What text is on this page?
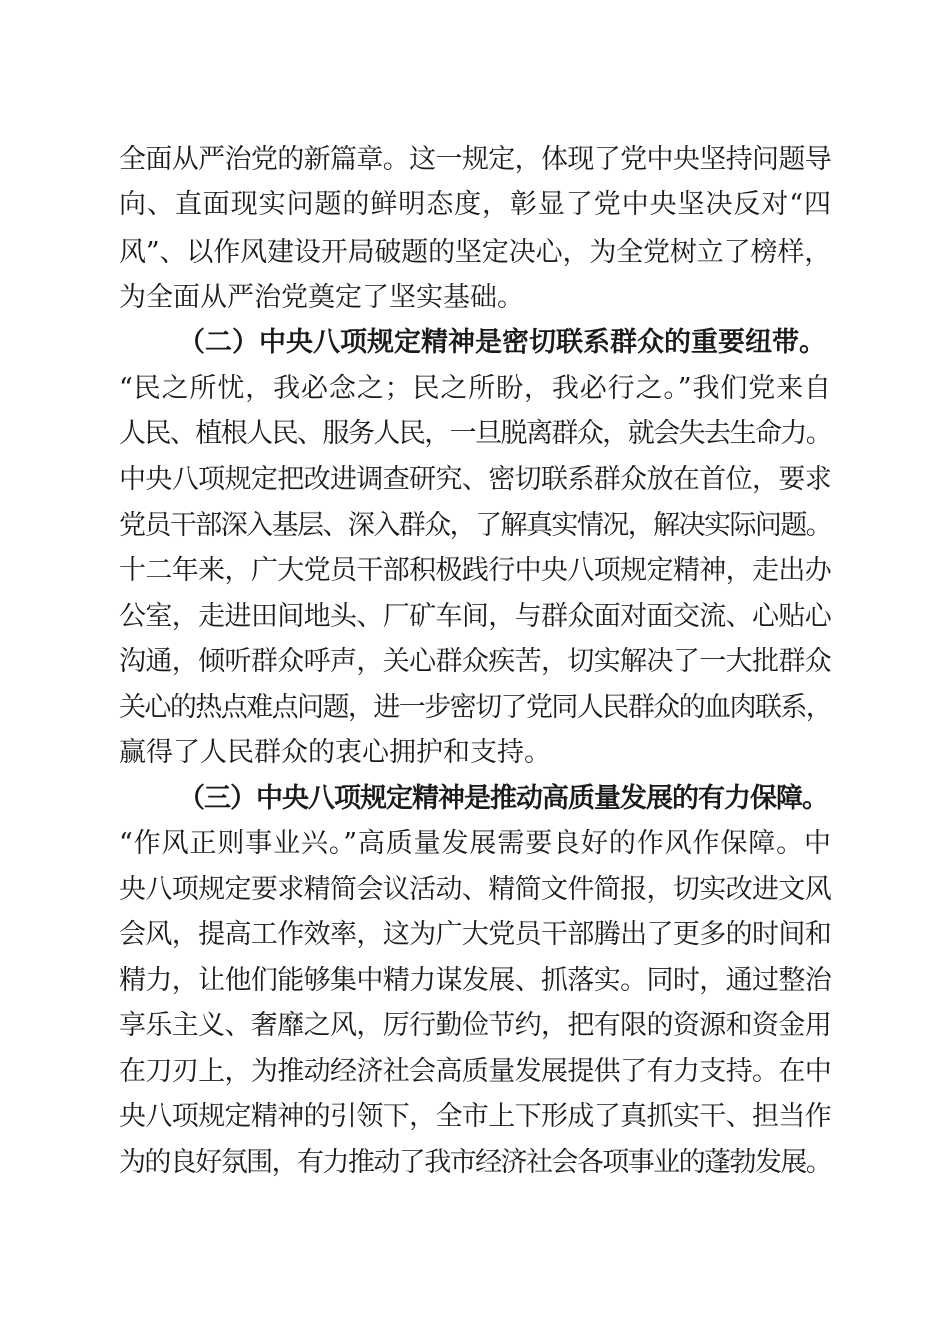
全面从严治党的新篇章。这一规定，体现了党中央坚持问题导
向、直面现实问题的鲜明态度，彰显了党中央坚决反对“四
风”、以作风建设开局破题的坚定决心，为全党树立了榜样，
为全面从严治党奠定了坚实基础。
（二）中央八项规定精神是密切联系群众的重要纽带。
“民之所忧，我必念之；民之所盼，我必行之。”我们党来自
人民、植根人民、服务人民，一旦脱离群众，就会失去生命力。
中央八项规定把改进调查研究、密切联系群众放在首位，要求
党员干部深入基层、深入群众，了解真实情况，解决实际问题。
十二年来，广大党员干部积极践行中央八项规定精神，走出办
公室，走进田间地头、厂矿车间，与群众面对面交流、心贴心
沟通，倾听群众呼声，关心群众疾苦，切实解决了一大批群众
关心的热点难点问题，进一步密切了党同人民群众的血肉联系，
赢得了人民群众的衷心拥护和支持。
（三）中央八项规定精神是推动高质量发展的有力保障。
“作风正则事业兴。”高质量发展需要良好的作风作保障。中
央八项规定要求精简会议活动、精简文件简报，切实改进文风
会风，提高工作效率，这为广大党员干部腾出了更多的时间和
精力，让他们能够集中精力谋发展、抓落实。同时，通过整治
享乐主义、奢靡之风，厉行勤俭节约，把有限的资源和资金用
在刀刃上，为推动经济社会高质量发展提供了有力支持。在中
央八项规定精神的引领下，全市上下形成了真抓实干、担当作
为的良好氛围，有力推动了我市经济社会各项事业的蓬勃发展。
